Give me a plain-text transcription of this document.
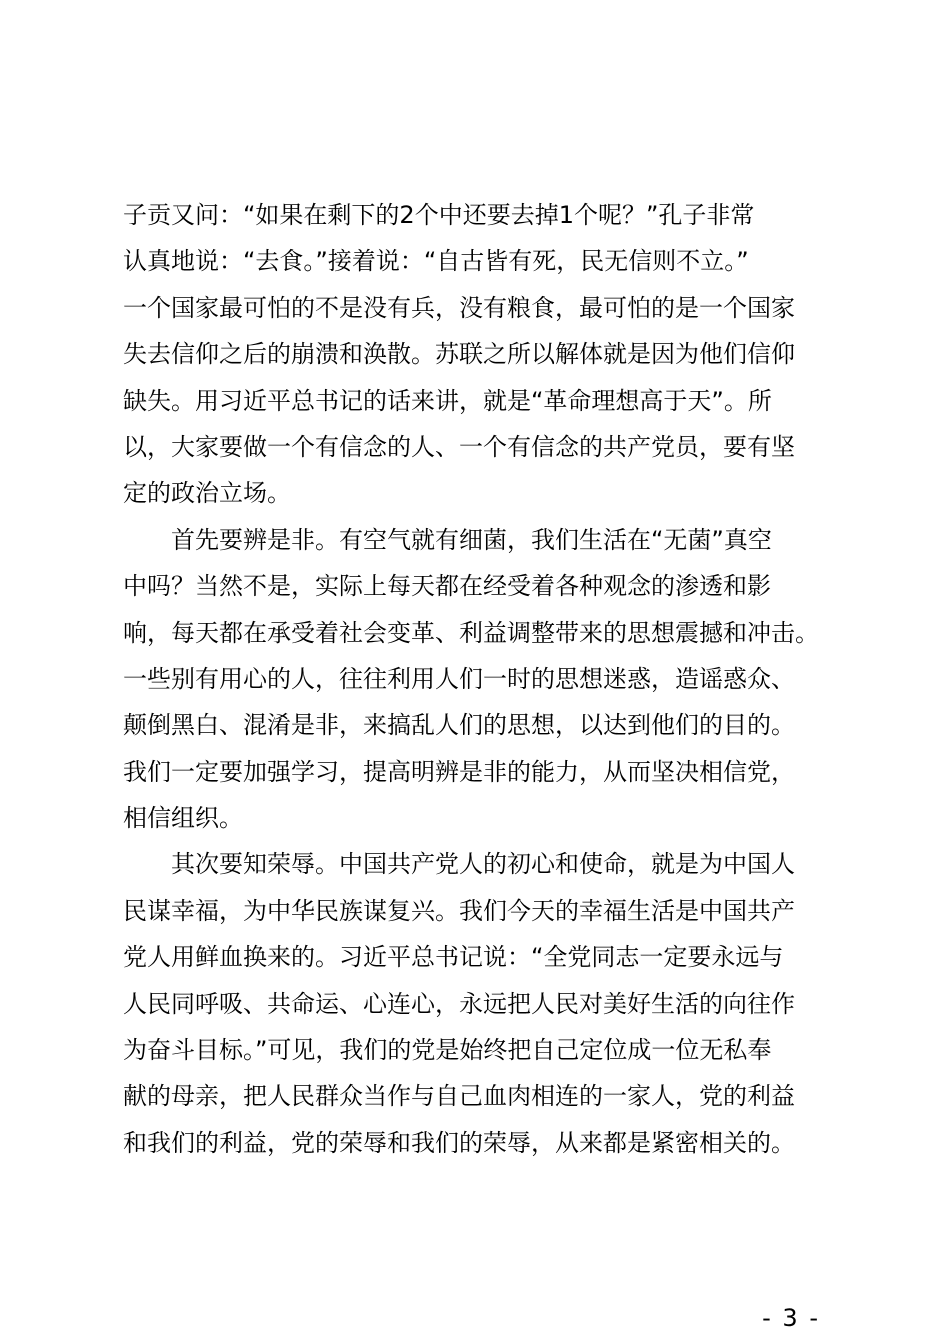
子贡又问：“如果在剩下的2个中还要去掉1个呢？”孔子非常
认真地说：“去食。”接着说：“自古皆有死，民无信则不立。”
一个国家最可怕的不是没有兵，没有粮食，最可怕的是一个国家
失去信仰之后的崩溃和涣散。苏联之所以解体就是因为他们信仰
缺失。用习近平总书记的话来讲，就是“革命理想高于天”。所
以，大家要做一个有信念的人、一个有信念的共产党员，要有坚
定的政治立场。
　　首先要辨是非。有空气就有细菌，我们生活在“无菌”真空
中吗？当然不是，实际上每天都在经受着各种观念的渗透和影
响，每天都在承受着社会变革、利益调整带来的思想震撼和冲击。
一些别有用心的人，往往利用人们一时的思想迷惑，造谣惑众、
颠倒黑白、混淆是非，来搞乱人们的思想，以达到他们的目的。
我们一定要加强学习，提高明辨是非的能力，从而坚决相信党，
相信组织。
　　其次要知荣辱。中国共产党人的初心和使命，就是为中国人
民谋幸福，为中华民族谋复兴。我们今天的幸福生活是中国共产
党人用鲜血换来的。习近平总书记说：“全党同志一定要永远与
人民同呼吸、共命运、心连心，永远把人民对美好生活的向往作
为奋斗目标。”可见，我们的党是始终把自己定位成一位无私奉
献的母亲，把人民群众当作与自己血肉相连的一家人，党的利益
和我们的利益，党的荣辱和我们的荣辱，从来都是紧密相关的。
- 3 -
